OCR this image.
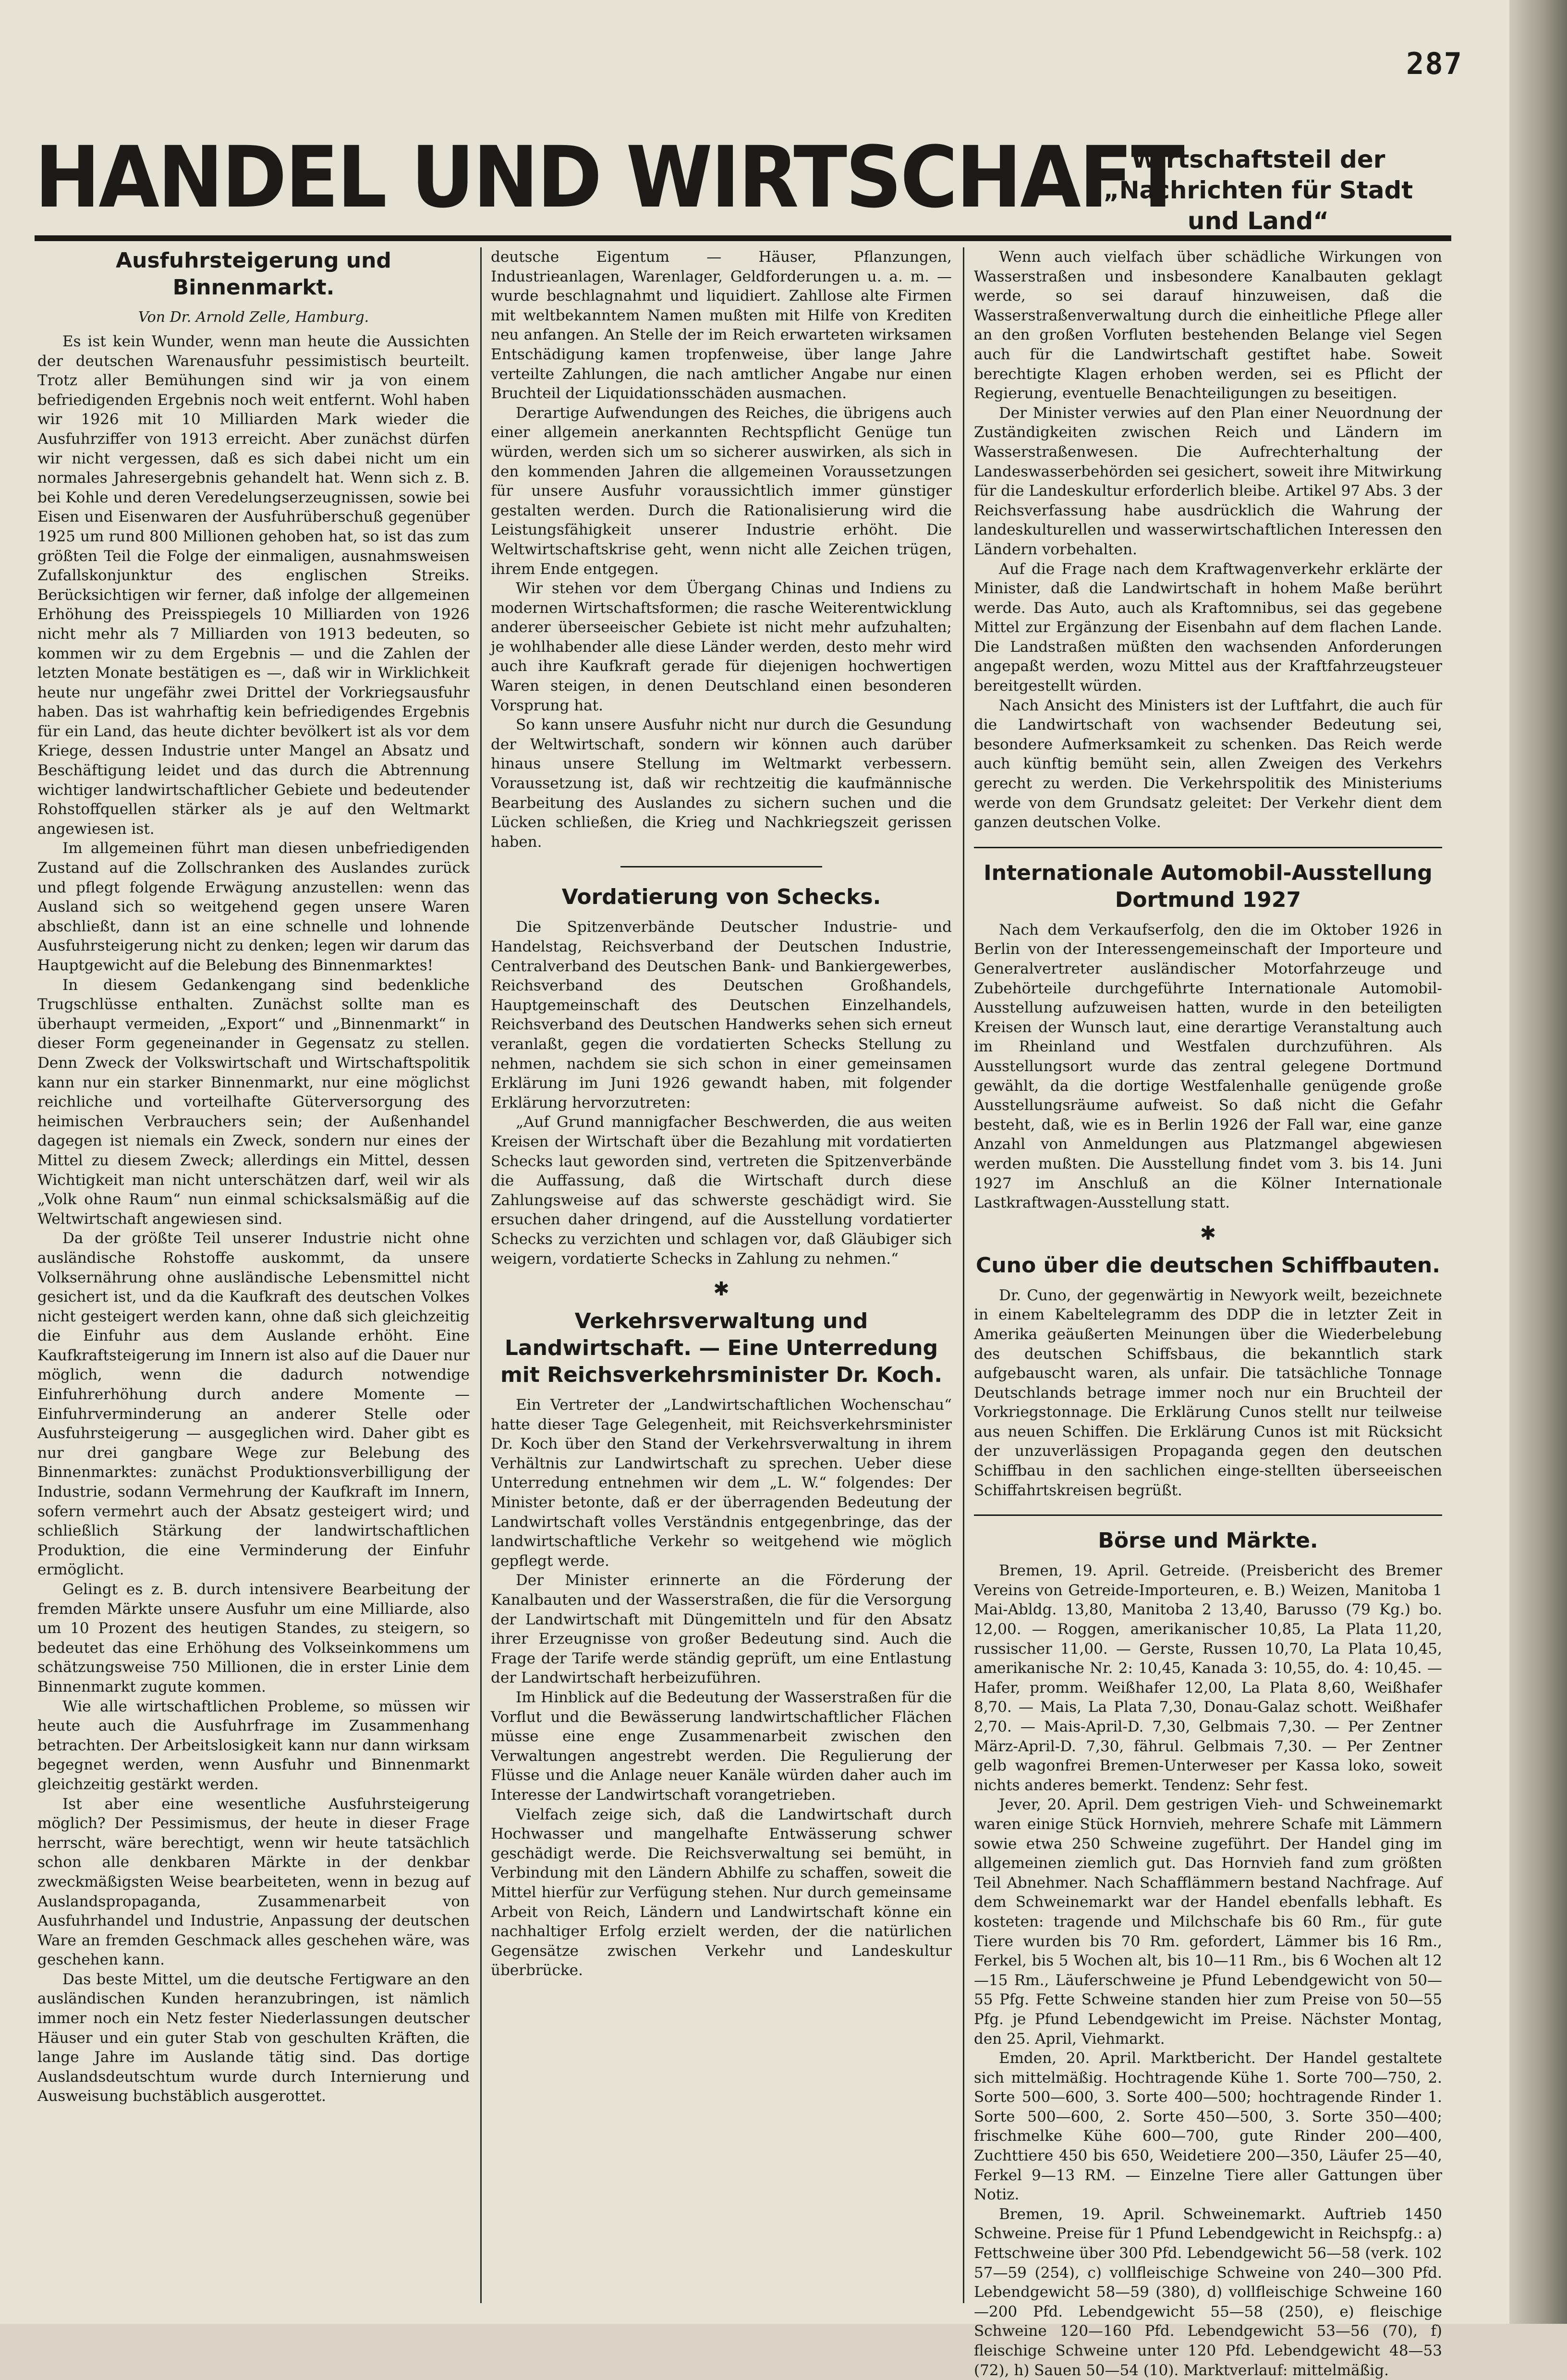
287
HANDEL UND WIRTSCHAFT
Wirtschaftsteil der
„Nachrichten für Stadt und Land“
Ausfuhrsteigerung und Binnenmarkt.
Von Dr. Arnold Zelle, Hamburg.

Es ist kein Wunder, wenn man heute die Aussichten der deutschen Warenausfuhr pessimistisch beurteilt. Trotz aller Bemühungen sind wir ja von einem befriedigenden Ergebnis noch weit entfernt. Wohl haben wir 1926 mit 10 Milliarden Mark wieder die Ausfuhrziffer von 1913 erreicht. Aber zunächst dürfen wir nicht vergessen, daß es sich dabei nicht um ein normales Jahresergebnis gehandelt hat. Wenn sich z. B. bei Kohle und deren Veredelungserzeugnissen, sowie bei Eisen und Eisenwaren der Ausfuhrüberschuß gegenüber 1925 um rund 800 Millionen gehoben hat, so ist das zum größten Teil die Folge der einmaligen, ausnahmsweisen Zufallskonjunktur des englischen Streiks. Berücksichtigen wir ferner, daß infolge der allgemeinen Erhöhung des Preisspiegels 10 Milliarden von 1926 nicht mehr als 7 Milliarden von 1913 bedeuten, so kommen wir zu dem Ergebnis — und die Zahlen der letzten Monate bestätigen es —, daß wir in Wirklichkeit heute nur ungefähr zwei Drittel der Vorkriegsausfuhr haben. Das ist wahrhaftig kein befriedigendes Ergebnis für ein Land, das heute dichter bevölkert ist als vor dem Kriege, dessen Industrie unter Mangel an Absatz und Beschäftigung leidet und das durch die Abtrennung wichtiger landwirtschaftlicher Gebiete und bedeutender Rohstoffquellen stärker als je auf den Weltmarkt angewiesen ist.

Im allgemeinen führt man diesen unbefriedigenden Zustand auf die Zollschranken des Auslandes zurück und pflegt folgende Erwägung anzustellen: wenn das Ausland sich so weitgehend gegen unsere Waren abschließt, dann ist an eine schnelle und lohnende Ausfuhrsteigerung nicht zu denken; legen wir darum das Hauptgewicht auf die Belebung des Binnenmarktes!

In diesem Gedankengang sind bedenkliche Trugschlüsse enthalten. Zunächst sollte man es überhaupt vermeiden, „Export“ und „Binnenmarkt“ in dieser Form gegeneinander in Gegensatz zu stellen. Denn Zweck der Volkswirtschaft und Wirtschaftspolitik kann nur ein starker Binnenmarkt, nur eine möglichst reichliche und vorteilhafte Güterversorgung des heimischen Verbrauchers sein; der Außenhandel dagegen ist niemals ein Zweck, sondern nur eines der Mittel zu diesem Zweck; allerdings ein Mittel, dessen Wichtigkeit man nicht unterschätzen darf, weil wir als „Volk ohne Raum“ nun einmal schicksalsmäßig auf die Weltwirtschaft angewiesen sind.

Da der größte Teil unserer Industrie nicht ohne ausländische Rohstoffe auskommt, da unsere Volksernährung ohne ausländische Lebensmittel nicht gesichert ist, und da die Kaufkraft des deutschen Volkes nicht gesteigert werden kann, ohne daß sich gleichzeitig die Einfuhr aus dem Auslande erhöht. Eine Kaufkraftsteigerung im Innern ist also auf die Dauer nur möglich, wenn die dadurch notwendige Einfuhrerhöhung durch andere Momente — Einfuhrverminderung an anderer Stelle oder Ausfuhrsteigerung — ausgeglichen wird. Daher gibt es nur drei gangbare Wege zur Belebung des Binnenmarktes: zunächst Produktionsverbilligung der Industrie, sodann Vermehrung der Kaufkraft im Innern, sofern vermehrt auch der Absatz gesteigert wird; und schließlich Stärkung der landwirtschaftlichen Produktion, die eine Verminderung der Einfuhr ermöglicht.

Gelingt es z. B. durch intensivere Bearbeitung der fremden Märkte unsere Ausfuhr um eine Milliarde, also um 10 Prozent des heutigen Standes, zu steigern, so bedeutet das eine Erhöhung des Volkseinkommens um schätzungsweise 750 Millionen, die in erster Linie dem Binnenmarkt zugute kommen.

Wie alle wirtschaftlichen Probleme, so müssen wir heute auch die Ausfuhrfrage im Zusammenhang betrachten. Der Arbeitslosigkeit kann nur dann wirksam begegnet werden, wenn Ausfuhr und Binnenmarkt gleichzeitig gestärkt werden.

Ist aber eine wesentliche Ausfuhrsteigerung möglich? Der Pessimismus, der heute in dieser Frage herrscht, wäre berechtigt, wenn wir heute tatsächlich schon alle denkbaren Märkte in der denkbar zweckmäßigsten Weise bearbeiteten, wenn in bezug auf Auslandspropaganda, Zusammenarbeit von Ausfuhrhandel und Industrie, Anpassung der deutschen Ware an fremden Geschmack alles geschehen wäre, was geschehen kann.

Das beste Mittel, um die deutsche Fertigware an den ausländischen Kunden heranzubringen, ist nämlich immer noch ein Netz fester Niederlassungen deutscher Häuser und ein guter Stab von geschulten Kräften, die lange Jahre im Auslande tätig sind. Das dortige Auslandsdeutschtum wurde durch Internierung und Ausweisung buchstäblich ausgerottet.

deutsche Eigentum — Häuser, Pflanzungen, Industrieanlagen, Warenlager, Geldforderungen u. a. m. — wurde beschlagnahmt und liquidiert. Zahllose alte Firmen mit weltbekanntem Namen mußten mit Hilfe von Krediten neu anfangen. An Stelle der im Reich erwarteten wirksamen Entschädigung kamen tropfenweise, über lange Jahre verteilte Zahlungen, die nach amtlicher Angabe nur einen Bruchteil der Liquidationsschäden ausmachen.

Derartige Aufwendungen des Reiches, die übrigens auch einer allgemein anerkannten Rechtspflicht Genüge tun würden, werden sich um so sicherer auswirken, als sich in den kommenden Jahren die allgemeinen Voraussetzungen für unsere Ausfuhr voraussichtlich immer günstiger gestalten werden. Durch die Rationalisierung wird die Leistungsfähigkeit unserer Industrie erhöht. Die Weltwirtschaftskrise geht, wenn nicht alle Zeichen trügen, ihrem Ende entgegen.

Wir stehen vor dem Übergang Chinas und Indiens zu modernen Wirtschaftsformen; die rasche Weiterentwicklung anderer überseeischer Gebiete ist nicht mehr aufzuhalten; je wohlhabender alle diese Länder werden, desto mehr wird auch ihre Kaufkraft gerade für diejenigen hochwertigen Waren steigen, in denen Deutschland einen besonderen Vorsprung hat.

So kann unsere Ausfuhr nicht nur durch die Gesundung der Weltwirtschaft, sondern wir können auch darüber hinaus unsere Stellung im Weltmarkt verbessern. Voraussetzung ist, daß wir rechtzeitig die kaufmännische Bearbeitung des Auslandes zu sichern suchen und die Lücken schließen, die Krieg und Nachkriegszeit gerissen haben.

Vordatierung von Schecks.

Die Spitzenverbände Deutscher Industrie- und Handelstag, Reichsverband der Deutschen Industrie, Centralverband des Deutschen Bank- und Bankiergewerbes, Reichsverband des Deutschen Großhandels, Hauptgemeinschaft des Deutschen Einzelhandels, Reichsverband des Deutschen Handwerks sehen sich erneut veranlaßt, gegen die vordatierten Schecks Stellung zu nehmen, nachdem sie sich schon in einer gemeinsamen Erklärung im Juni 1926 gewandt haben, mit folgender Erklärung hervorzutreten:

„Auf Grund mannigfacher Beschwerden, die aus weiten Kreisen der Wirtschaft über die Bezahlung mit vordatierten Schecks laut geworden sind, vertreten die Spitzenverbände die Auffassung, daß die Wirtschaft durch diese Zahlungsweise auf das schwerste geschädigt wird. Sie ersuchen daher dringend, auf die Ausstellung vordatierter Schecks zu verzichten und schlagen vor, daß Gläubiger sich weigern, vordatierte Schecks in Zahlung zu nehmen.“

✱
Verkehrsverwaltung und Landwirtschaft. — Eine Unterredung mit Reichsverkehrsminister Dr. Koch.

Ein Vertreter der „Landwirtschaftlichen Wochenschau“ hatte dieser Tage Gelegenheit, mit Reichsverkehrsminister Dr. Koch über den Stand der Verkehrsverwaltung in ihrem Verhältnis zur Landwirtschaft zu sprechen. Ueber diese Unterredung entnehmen wir dem „L. W.“ folgendes: Der Minister betonte, daß er der überragenden Bedeutung der Landwirtschaft volles Verständnis entgegenbringe, das der landwirtschaftliche Verkehr so weitgehend wie möglich gepflegt werde.

Der Minister erinnerte an die Förderung der Kanalbauten und der Wasserstraßen, die für die Versorgung der Landwirtschaft mit Düngemitteln und für den Absatz ihrer Erzeugnisse von großer Bedeutung sind. Auch die Frage der Tarife werde ständig geprüft, um eine Entlastung der Landwirtschaft herbeizuführen.

Im Hinblick auf die Bedeutung der Wasserstraßen für die Vorflut und die Bewässerung landwirtschaftlicher Flächen müsse eine enge Zusammenarbeit zwischen den Verwaltungen angestrebt werden. Die Regulierung der Flüsse und die Anlage neuer Kanäle würden daher auch im Interesse der Landwirtschaft vorangetrieben.

Vielfach zeige sich, daß die Landwirtschaft durch Hochwasser und mangelhafte Entwässerung schwer geschädigt werde. Die Reichsverwaltung sei bemüht, in Verbindung mit den Ländern Abhilfe zu schaffen, soweit die Mittel hierfür zur Verfügung stehen. Nur durch gemeinsame Arbeit von Reich, Ländern und Landwirtschaft könne ein nachhaltiger Erfolg erzielt werden, der die natürlichen Gegensätze zwischen Verkehr und Landeskultur überbrücke.

Wenn auch vielfach über schädliche Wirkungen von Wasserstraßen und insbesondere Kanalbauten geklagt werde, so sei darauf hinzuweisen, daß die Wasserstraßenverwaltung durch die einheitliche Pflege aller an den großen Vorfluten bestehenden Belange viel Segen auch für die Landwirtschaft gestiftet habe. Soweit berechtigte Klagen erhoben werden, sei es Pflicht der Regierung, eventuelle Benachteiligungen zu beseitigen.

Der Minister verwies auf den Plan einer Neuordnung der Zuständigkeiten zwischen Reich und Ländern im Wasserstraßenwesen. Die Aufrechterhaltung der Landeswasserbehörden sei gesichert, soweit ihre Mitwirkung für die Landeskultur erforderlich bleibe. Artikel 97 Abs. 3 der Reichsverfassung habe ausdrücklich die Wahrung der landeskulturellen und wasserwirtschaftlichen Interessen den Ländern vorbehalten.

Auf die Frage nach dem Kraftwagenverkehr erklärte der Minister, daß die Landwirtschaft in hohem Maße berührt werde. Das Auto, auch als Kraftomnibus, sei das gegebene Mittel zur Ergänzung der Eisenbahn auf dem flachen Lande. Die Landstraßen müßten den wachsenden Anforderungen angepaßt werden, wozu Mittel aus der Kraftfahrzeugsteuer bereitgestellt würden.

Nach Ansicht des Ministers ist der Luftfahrt, die auch für die Landwirtschaft von wachsender Bedeutung sei, besondere Aufmerksamkeit zu schenken. Das Reich werde auch künftig bemüht sein, allen Zweigen des Verkehrs gerecht zu werden. Die Verkehrspolitik des Ministeriums werde von dem Grundsatz geleitet: Der Verkehr dient dem ganzen deutschen Volke.

Internationale Automobil-Ausstellung Dortmund 1927

Nach dem Verkaufserfolg, den die im Oktober 1926 in Berlin von der Interessengemeinschaft der Importeure und Generalvertreter ausländischer Motorfahrzeuge und Zubehörteile durchgeführte Internationale Automobil-Ausstellung aufzuweisen hatten, wurde in den beteiligten Kreisen der Wunsch laut, eine derartige Veranstaltung auch im Rheinland und Westfalen durchzuführen. Als Ausstellungsort wurde das zentral gelegene Dortmund gewählt, da die dortige Westfalenhalle genügende große Ausstellungsräume aufweist. So daß nicht die Gefahr besteht, daß, wie es in Berlin 1926 der Fall war, eine ganze Anzahl von Anmeldungen aus Platzmangel abgewiesen werden mußten. Die Ausstellung findet vom 3. bis 14. Juni 1927 im Anschluß an die Kölner Internationale Lastkraftwagen-Ausstellung statt.

✱
Cuno über die deutschen Schiffbauten.

Dr. Cuno, der gegenwärtig in Newyork weilt, bezeichnete in einem Kabeltelegramm des DDP die in letzter Zeit in Amerika geäußerten Meinungen über die Wiederbelebung des deutschen Schiffsbaus, die bekanntlich stark aufgebauscht waren, als unfair. Die tatsächliche Tonnage Deutschlands betrage immer noch nur ein Bruchteil der Vorkriegstonnage. Die Erklärung Cunos stellt nur teilweise aus neuen Schiffen. Die Erklärung Cunos ist mit Rücksicht der unzuverlässigen Propaganda gegen den deutschen Schiffbau in den sachlichen einge-stellten überseeischen Schiffahrtskreisen begrüßt.

Börse und Märkte.

Bremen, 19. April. Getreide. (Preisbericht des Bremer Vereins von Getreide-Importeuren, e. B.) Weizen, Manitoba 1 Mai-Abldg. 13,80, Manitoba 2 13,40, Barusso (79 Kg.) bo. 12,00. — Roggen, amerikanischer 10,85, La Plata 11,20, russischer 11,00. — Gerste, Russen 10,70, La Plata 10,45, amerikanische Nr. 2: 10,45, Kanada 3: 10,55, do. 4: 10,45. — Hafer, promm. Weißhafer 12,00, La Plata 8,60, Weißhafer 8,70. — Mais, La Plata 7,30, Donau-Galaz schott. Weißhafer 2,70. — Mais-April-D. 7,30, Gelbmais 7,30. — Per Zentner März-April-D. 7,30, fährul. Gelbmais 7,30. — Per Zentner gelb wagonfrei Bremen-Unterweser per Kassa loko, soweit nichts anderes bemerkt. Tendenz: Sehr fest.

Jever, 20. April. Dem gestrigen Vieh- und Schweinemarkt waren einige Stück Hornvieh, mehrere Schafe mit Lämmern sowie etwa 250 Schweine zugeführt. Der Handel ging im allgemeinen ziemlich gut. Das Hornvieh fand zum größten Teil Abnehmer. Nach Schafflämmern bestand Nachfrage. Auf dem Schweinemarkt war der Handel ebenfalls lebhaft. Es kosteten: tragende und Milchschafe bis 60 Rm., für gute Tiere wurden bis 70 Rm. gefordert, Lämmer bis 16 Rm., Ferkel, bis 5 Wochen alt, bis 10—11 Rm., bis 6 Wochen alt 12—15 Rm., Läuferschweine je Pfund Lebendgewicht von 50—55 Pfg. Fette Schweine standen hier zum Preise von 50—55 Pfg. je Pfund Lebendgewicht im Preise. Nächster Montag, den 25. April, Viehmarkt.

Emden, 20. April. Marktbericht. Der Handel gestaltete sich mittelmäßig. Hochtragende Kühe 1. Sorte 700—750, 2. Sorte 500—600, 3. Sorte 400—500; hochtragende Rinder 1. Sorte 500—600, 2. Sorte 450—500, 3. Sorte 350—400; frischmelke Kühe 600—700, gute Rinder 200—400, Zuchttiere 450 bis 650, Weidetiere 200—350, Läufer 25—40, Ferkel 9—13 RM. — Einzelne Tiere aller Gattungen über Notiz.

Bremen, 19. April. Schweinemarkt. Auftrieb 1450 Schweine. Preise für 1 Pfund Lebendgewicht in Reichspfg.: a) Fettschweine über 300 Pfd. Lebendgewicht 56—58 (verk. 102 57—59 (254), c) vollfleischige Schweine von 240—300 Pfd. Lebendgewicht 58—59 (380), d) vollfleischige Schweine 160—200 Pfd. Lebendgewicht 55—58 (250), e) fleischige Schweine 120—160 Pfd. Lebendgewicht 53—56 (70), f) fleischige Schweine unter 120 Pfd. Lebendgewicht 48—53 (72), h) Sauen 50—54 (10). Marktverlauf: mittelmäßig.
